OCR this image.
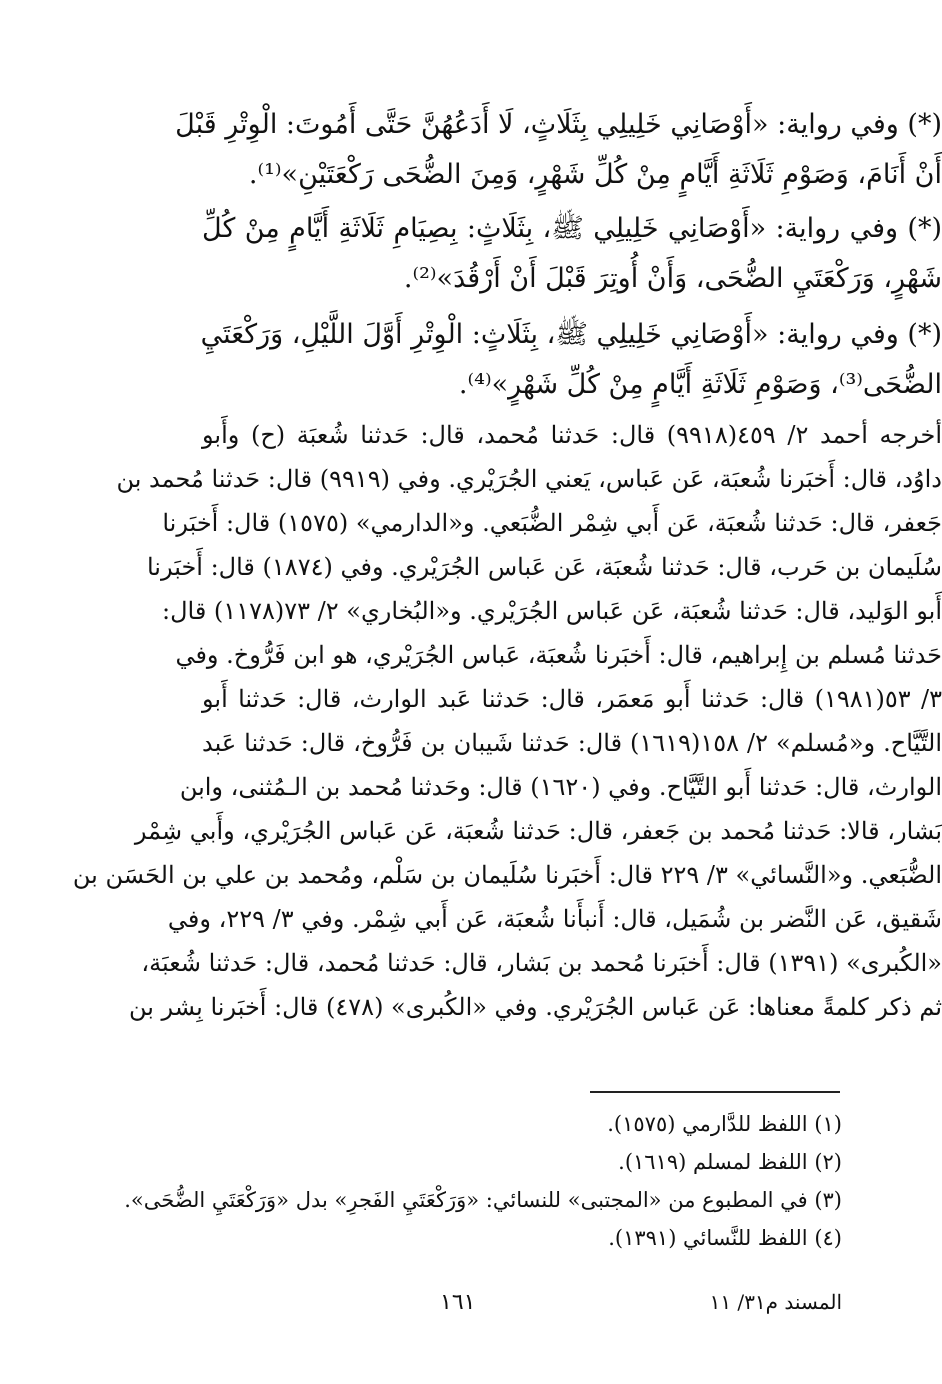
(*) وفي رواية: «أَوْصَانِي خَلِيلِي بِثَلَاثٍ، لَا أَدَعُهُنَّ حَتَّى أَمُوتَ: الْوِتْرِ قَبْلَ
أَنْ أَنَامَ، وَصَوْمِ ثَلَاثَةِ أَيَّامٍ مِنْ كُلِّ شَهْرٍ، وَمِنَ الضُّحَى رَكْعَتَيْنِ»⁽¹⁾.
(*) وفي رواية: «أَوْصَانِي خَلِيلِي ﷺ، بِثَلَاثٍ: بِصِيَامِ ثَلَاثَةِ أَيَّامٍ مِنْ كُلِّ
شَهْرٍ، وَرَكْعَتَيِ الضُّحَى، وَأَنْ أُوتِرَ قَبْلَ أَنْ أَرْقُدَ»⁽²⁾.
(*) وفي رواية: «أَوْصَانِي خَلِيلِي ﷺ، بِثَلَاثٍ: الْوِتْرِ أَوَّلَ اللَّيْلِ، وَرَكْعَتَيِ
الضُّحَى⁽³⁾، وَصَوْمِ ثَلَاثَةِ أَيَّامٍ مِنْ كُلِّ شَهْرٍ»⁽⁴⁾.
أخرجه أحمد ٢/ ٤٥٩(٩٩١٨) قال: حَدثنا مُحمد، قال: حَدثنا شُعبَة (ح) وأَبو
داوُد، قال: أَخبَرنا شُعبَة، عَن عَباس، يَعني الجُرَيْري. وفي (٩٩١٩) قال: حَدثنا مُحمد بن
جَعفر، قال: حَدثنا شُعبَة، عَن أَبي شِمْر الضُّبَعي. و«الدارمي» (١٥٧٥) قال: أَخبَرنا
سُلَيمان بن حَرب، قال: حَدثنا شُعبَة، عَن عَباس الجُرَيْري. وفي (١٨٧٤) قال: أَخبَرنا
أَبو الوَليد، قال: حَدثنا شُعبَة، عَن عَباس الجُرَيْري. و«البُخاري» ٢/ ٧٣(١١٧٨) قال:
حَدثنا مُسلم بن إِبراهيم، قال: أَخبَرنا شُعبَة، عَباس الجُرَيْري، هو ابن فَرُّوخ. وفي
٣/ ٥٣(١٩٨١) قال: حَدثنا أَبو مَعمَر، قال: حَدثنا عَبد الوارث، قال: حَدثنا أَبو
التَّيَّاح. و«مُسلم» ٢/ ١٥٨(١٦١٩) قال: حَدثنا شَيبان بن فَرُّوخ، قال: حَدثنا عَبد
الوارث، قال: حَدثنا أَبو التَّيَّاح. وفي (١٦٢٠) قال: وحَدثنا مُحمد بن الـمُثنى، وابن
بَشار، قالا: حَدثنا مُحمد بن جَعفر، قال: حَدثنا شُعبَة، عَن عَباس الجُرَيْري، وأَبي شِمْر
الضُّبَعي. و«النَّسائي» ٣/ ٢٢٩ قال: أَخبَرنا سُلَيمان بن سَلْم، ومُحمد بن علي بن الحَسَن بن
شَقيق، عَن النَّضر بن شُمَيل، قال: أَنبأَنا شُعبَة، عَن أَبي شِمْر. وفي ٣/ ٢٢٩، وفي
«الكُبرى» (١٣٩١) قال: أَخبَرنا مُحمد بن بَشار، قال: حَدثنا مُحمد، قال: حَدثنا شُعبَة،
ثم ذكر كلمةً معناها: عَن عَباس الجُرَيْري. وفي «الكُبرى» (٤٧٨) قال: أَخبَرنا بِشر بن
(١) اللفظ للدَّارمي (١٥٧٥).
(٢) اللفظ لمسلم (١٦١٩).
(٣) في المطبوع من «المجتبى» للنسائي: «وَرَكْعَتَيِ الفَجرِ» بدل «وَرَكْعَتَيِ الضُّحَى».
(٤) اللفظ للنَّسائي (١٣٩١).
١٦١	المسند م٣١/ ١١
